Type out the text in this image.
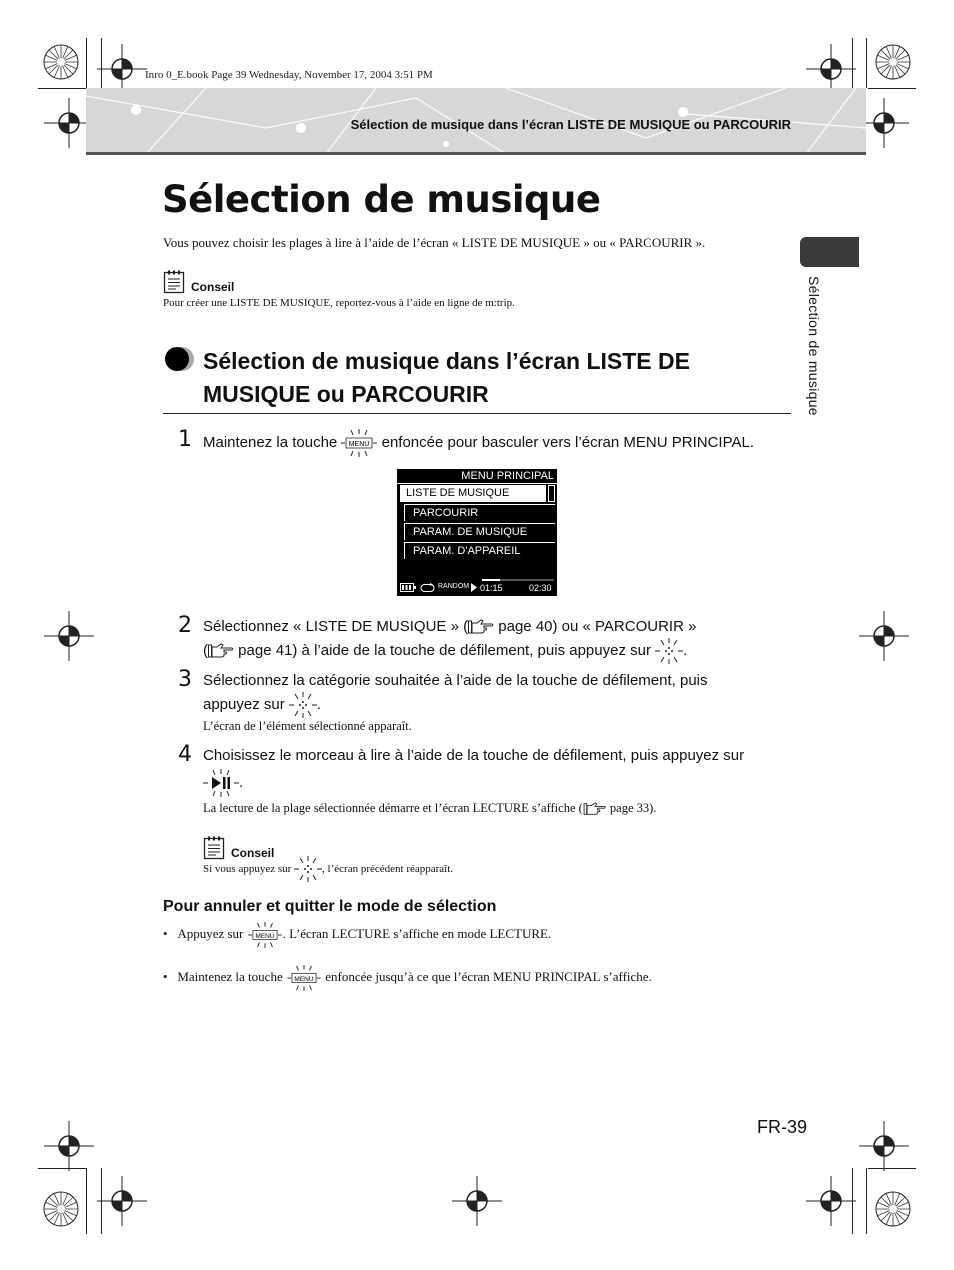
Inro 0_E.book Page 39 Wednesday, November 17, 2004 3:51 PM
Sélection de musique dans l’écran LISTE DE MUSIQUE ou PARCOURIR
Sélection de musique
Vous pouvez choisir les plages à lire à l’aide de l’écran « LISTE DE MUSIQUE » ou « PARCOURIR ».
Conseil
Pour créer une LISTE DE MUSIQUE, reportez-vous à l’aide en ligne de m:trip.	Sélection de musique
Sélection de musique dans l’écran LISTE DE MUSIQUE ou PARCOURIR
1 Maintenez la touche MENU enfoncée pour basculer vers l’écran MENU PRINCIPAL.
MENU PRINCIPAL
LISTE DE MUSIQUE
PARCOURIR
PARAM. DE MUSIQUE
PARAM. D'APPAREIL
RANDOM 01:15	02:30
2 Sélectionnez « LISTE DE MUSIQUE » ( page 40) ou « PARCOURIR »
( page 41) à l’aide de la touche de défilement, puis appuyez sur .
3 Sélectionnez la catégorie souhaitée à l’aide de la touche de défilement, puis
appuyez sur .
L’écran de l’élément sélectionné apparaît.
4 Choisissez le morceau à lire à l’aide de la touche de défilement, puis appuyez sur
.
La lecture de la plage sélectionnée démarre et l’écran LECTURE s’affiche ( page 33).
Conseil
Si vous appuyez sur	, l’écran précédent réapparaît.
Pour annuler et quitter le mode de sélection
• Appuyez sur MENU . L’écran LECTURE s’affiche en mode LECTURE.
• Maintenez la touche MENU enfoncée jusqu’à ce que l’écran MENU PRINCIPAL s’affiche.
FR-39
